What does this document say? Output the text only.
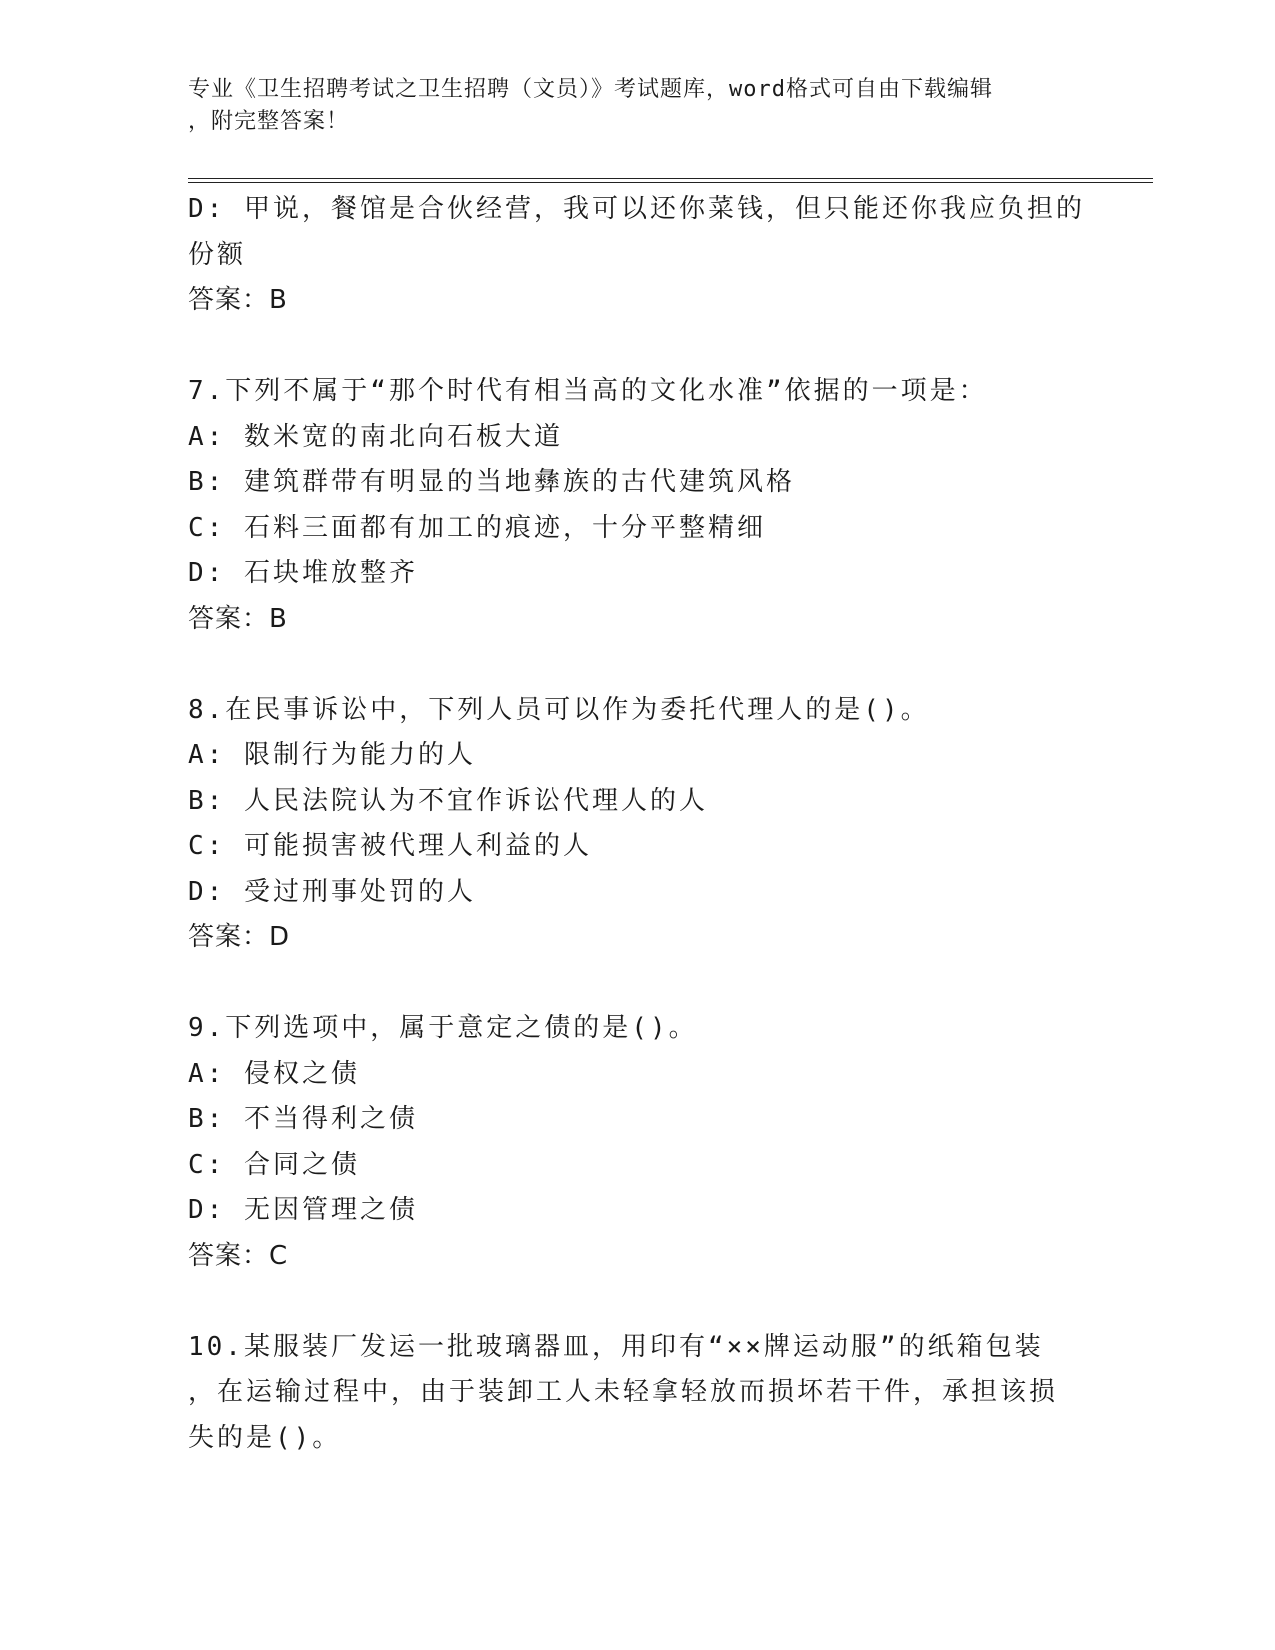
专业《卫生招聘考试之卫生招聘（文员）》考试题库，word格式可自由下载编辑
，附完整答案！
D: 甲说，餐馆是合伙经营，我可以还你菜钱，但只能还你我应负担的
份额
答案：B
7.下列不属于“那个时代有相当高的文化水准”依据的一项是：
A: 数米宽的南北向石板大道
B: 建筑群带有明显的当地彝族的古代建筑风格
C: 石料三面都有加工的痕迹，十分平整精细
D: 石块堆放整齐
答案：B
8.在民事诉讼中，下列人员可以作为委托代理人的是()。
A: 限制行为能力的人
B: 人民法院认为不宜作诉讼代理人的人
C: 可能损害被代理人利益的人
D: 受过刑事处罚的人
答案：D
9.下列选项中，属于意定之债的是()。
A: 侵权之债
B: 不当得利之债
C: 合同之债
D: 无因管理之债
答案：C
10.某服装厂发运一批玻璃器皿，用印有“××牌运动服”的纸箱包装
，在运输过程中，由于装卸工人未轻拿轻放而损坏若干件，承担该损
失的是()。
